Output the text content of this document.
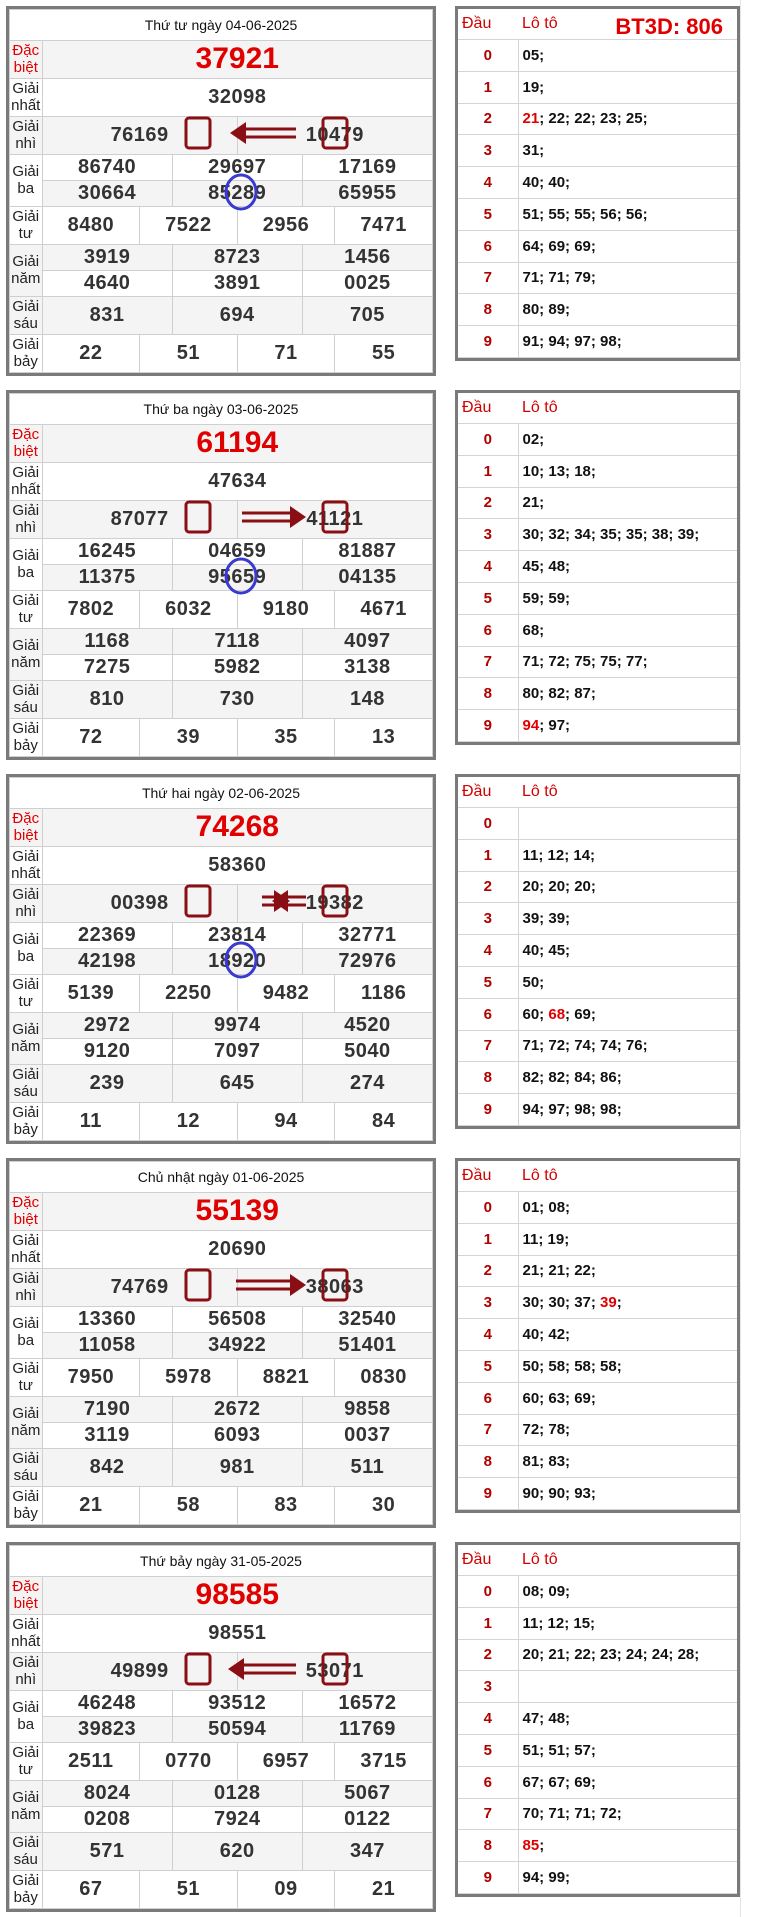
Thứ tư ngày 04-06-2025						
Đặc biệt	37921					
Giải nhất	32098					
Giải nhì	76169			10479		
Giải ba	86740		29697		17169	
	30664		85289		65955	
Giải tư	8480	7522		2956		7471
Giải năm	3919		8723		1456	
	4640		3891		0025	
Giải sáu	831		694		705	
Giải bảy	22	51		71		55
BT3D: 806
Đầu	Lô tô
0	05;
1	19;
2	21; 22; 22; 23; 25;
3	31;
4	40; 40;
5	51; 55; 55; 56; 56;
6	64; 69; 69;
7	71; 71; 79;
8	80; 89;
9	91; 94; 97; 98;
Thứ ba ngày 03-06-2025						
Đặc biệt	61194					
Giải nhất	47634					
Giải nhì	87077			41121		
Giải ba	16245		04659		81887	
	11375		95659		04135	
Giải tư	7802	6032		9180		4671
Giải năm	1168		7118		4097	
	7275		5982		3138	
Giải sáu	810		730		148	
Giải bảy	72	39		35		13
Đầu	Lô tô
0	02;
1	10; 13; 18;
2	21;
3	30; 32; 34; 35; 35; 38; 39;
4	45; 48;
5	59; 59;
6	68;
7	71; 72; 75; 75; 77;
8	80; 82; 87;
9	94; 97;
Thứ hai ngày 02-06-2025						
Đặc biệt	74268					
Giải nhất	58360					
Giải nhì	00398			19382		
Giải ba	22369		23814		32771	
	42198		18920		72976	
Giải tư	5139	2250		9482		1186
Giải năm	2972		9974		4520	
	9120		7097		5040	
Giải sáu	239		645		274	
Giải bảy	11	12		94		84
Đầu	Lô tô
0	
1	11; 12; 14;
2	20; 20; 20;
3	39; 39;
4	40; 45;
5	50;
6	60; 68; 69;
7	71; 72; 74; 74; 76;
8	82; 82; 84; 86;
9	94; 97; 98; 98;
Chủ nhật ngày 01-06-2025						
Đặc biệt	55139					
Giải nhất	20690					
Giải nhì	74769			38063		
Giải ba	13360		56508		32540	
	11058		34922		51401	
Giải tư	7950	5978		8821		0830
Giải năm	7190		2672		9858	
	3119		6093		0037	
Giải sáu	842		981		511	
Giải bảy	21	58		83		30
Đầu	Lô tô
0	01; 08;
1	11; 19;
2	21; 21; 22;
3	30; 30; 37; 39;
4	40; 42;
5	50; 58; 58; 58;
6	60; 63; 69;
7	72; 78;
8	81; 83;
9	90; 90; 93;
Thứ bảy ngày 31-05-2025						
Đặc biệt	98585					
Giải nhất	98551					
Giải nhì	49899			53071		
Giải ba	46248		93512		16572	
	39823		50594		11769	
Giải tư	2511	0770		6957		3715
Giải năm	8024		0128		5067	
	0208		7924		0122	
Giải sáu	571		620		347	
Giải bảy	67	51		09		21
Đầu	Lô tô
0	08; 09;
1	11; 12; 15;
2	20; 21; 22; 23; 24; 24; 28;
3	
4	47; 48;
5	51; 51; 57;
6	67; 67; 69;
7	70; 71; 71; 72;
8	85;
9	94; 99;
